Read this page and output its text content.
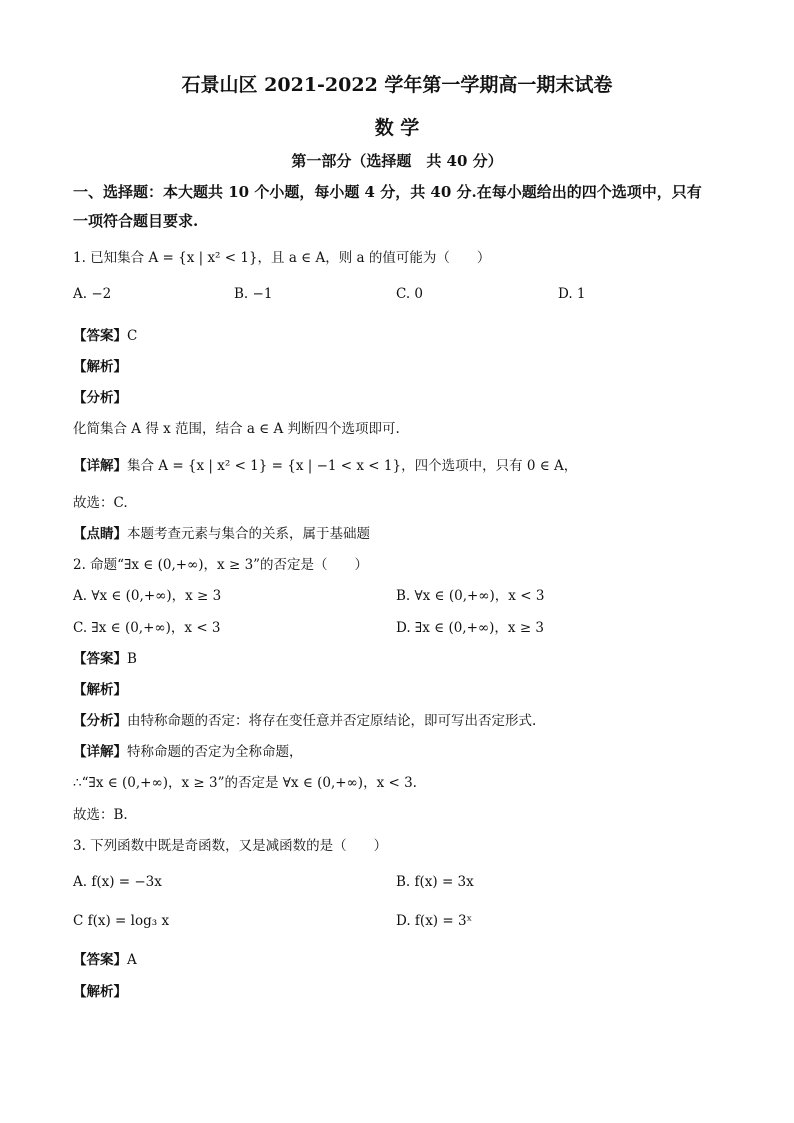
石景山区 2021-2022 学年第一学期高一期末试卷
数 学
第一部分（选择题　共 40 分）
一、选择题：本大题共 10 个小题，每小题 4 分，共 40 分.在每小题给出的四个选项中，只有
一项符合题目要求.
1. 已知集合 A = {x | x² < 1}，且 a ∈ A，则 a 的值可能为（　　）
A. −2	B. −1	C. 0	D. 1
【答案】C
【解析】
【分析】
化简集合 A 得 x 范围，结合 a ∈ A 判断四个选项即可.
【详解】集合 A = {x | x² < 1} = {x | −1 < x < 1}，四个选项中，只有 0 ∈ A，
故选：C.
【点睛】本题考查元素与集合的关系，属于基础题
2. 命题“∃x ∈ (0,+∞)，x ≥ 3”的否定是（　　）
A. ∀x ∈ (0,+∞)，x ≥ 3	B. ∀x ∈ (0,+∞)，x < 3
C. ∃x ∈ (0,+∞)，x < 3	D. ∃x ∈ (0,+∞)，x ≥ 3
【答案】B
【解析】
【分析】由特称命题的否定：将存在变任意并否定原结论，即可写出否定形式.
【详解】特称命题的否定为全称命题，
∴“∃x ∈ (0,+∞)，x ≥ 3”的否定是 ∀x ∈ (0,+∞)，x < 3.
故选：B.
3. 下列函数中既是奇函数，又是减函数的是（　　）
A. f(x) = −3x	B. f(x) = 3x
C f(x) = log₃ x	D. f(x) = 3ˣ
【答案】A
【解析】
